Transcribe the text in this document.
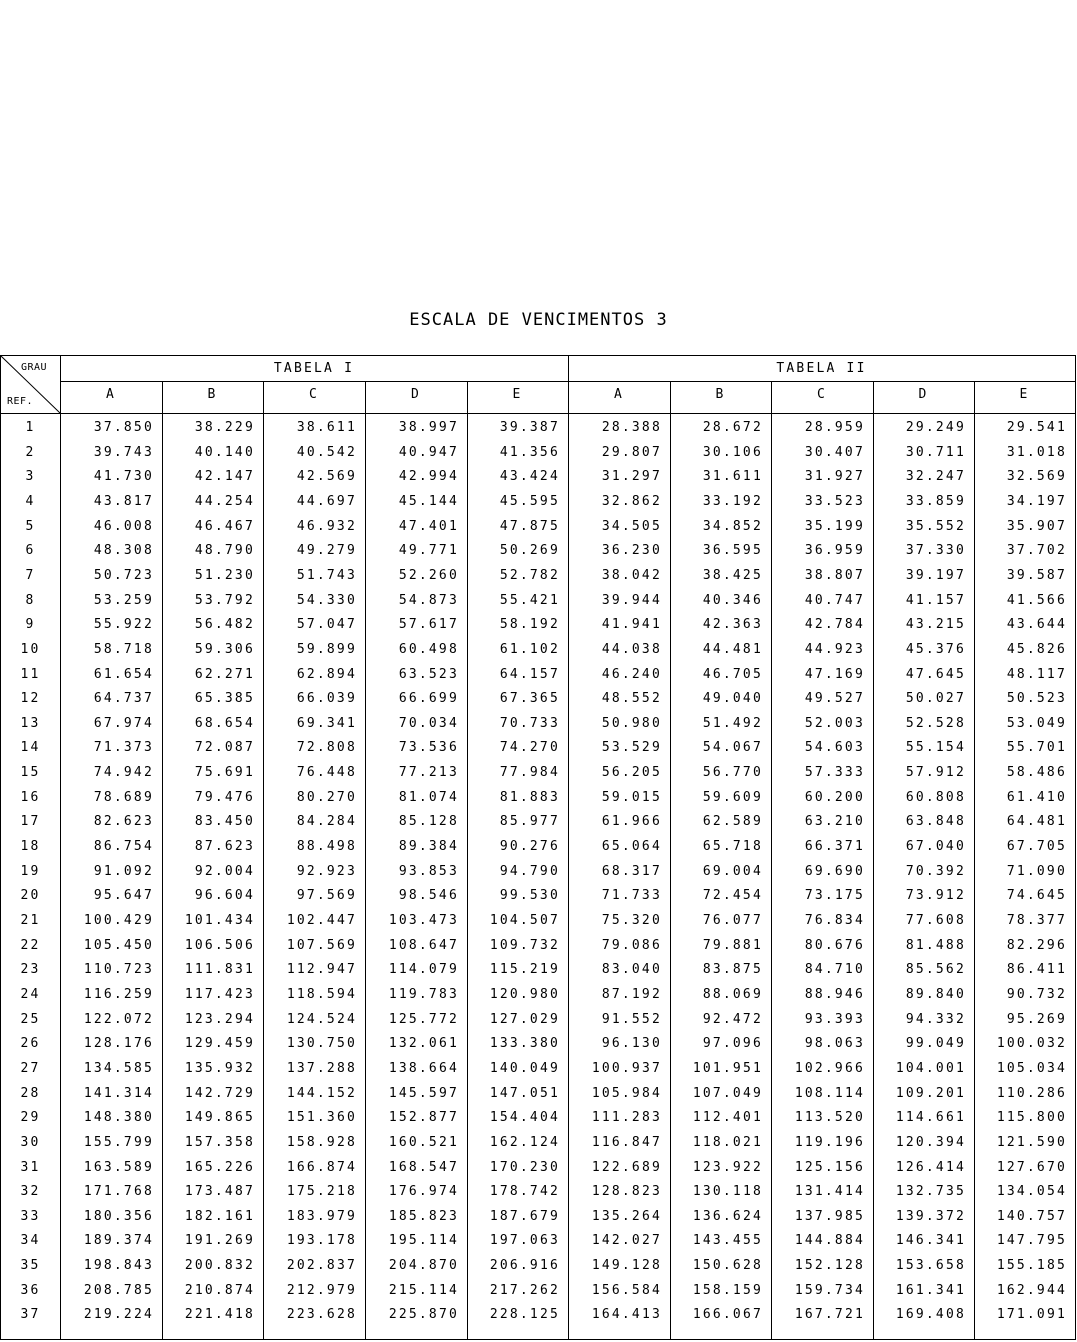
ESCALA DE VENCIMENTOS 3
GRAU
REF.
TABELA I
A	B	C	D	E
TABELA II
A	B	C	D	E
1	37.850	38.229	38.611	38.997	39.387	28.388	28.672	28.959	29.249	29.541
2	39.743	40.140	40.542	40.947	41.356	29.807	30.106	30.407	30.711	31.018
3	41.730	42.147	42.569	42.994	43.424	31.297	31.611	31.927	32.247	32.569
4	43.817	44.254	44.697	45.144	45.595	32.862	33.192	33.523	33.859	34.197
5	46.008	46.467	46.932	47.401	47.875	34.505	34.852	35.199	35.552	35.907
6	48.308	48.790	49.279	49.771	50.269	36.230	36.595	36.959	37.330	37.702
7	50.723	51.230	51.743	52.260	52.782	38.042	38.425	38.807	39.197	39.587
8	53.259	53.792	54.330	54.873	55.421	39.944	40.346	40.747	41.157	41.566
9	55.922	56.482	57.047	57.617	58.192	41.941	42.363	42.784	43.215	43.644
10	58.718	59.306	59.899	60.498	61.102	44.038	44.481	44.923	45.376	45.826
11	61.654	62.271	62.894	63.523	64.157	46.240	46.705	47.169	47.645	48.117
12	64.737	65.385	66.039	66.699	67.365	48.552	49.040	49.527	50.027	50.523
13	67.974	68.654	69.341	70.034	70.733	50.980	51.492	52.003	52.528	53.049
14	71.373	72.087	72.808	73.536	74.270	53.529	54.067	54.603	55.154	55.701
15	74.942	75.691	76.448	77.213	77.984	56.205	56.770	57.333	57.912	58.486
16	78.689	79.476	80.270	81.074	81.883	59.015	59.609	60.200	60.808	61.410
17	82.623	83.450	84.284	85.128	85.977	61.966	62.589	63.210	63.848	64.481
18	86.754	87.623	88.498	89.384	90.276	65.064	65.718	66.371	67.040	67.705
19	91.092	92.004	92.923	93.853	94.790	68.317	69.004	69.690	70.392	71.090
20	95.647	96.604	97.569	98.546	99.530	71.733	72.454	73.175	73.912	74.645
21	100.429	101.434	102.447	103.473	104.507	75.320	76.077	76.834	77.608	78.377
22	105.450	106.506	107.569	108.647	109.732	79.086	79.881	80.676	81.488	82.296
23	110.723	111.831	112.947	114.079	115.219	83.040	83.875	84.710	85.562	86.411
24	116.259	117.423	118.594	119.783	120.980	87.192	88.069	88.946	89.840	90.732
25	122.072	123.294	124.524	125.772	127.029	91.552	92.472	93.393	94.332	95.269
26	128.176	129.459	130.750	132.061	133.380	96.130	97.096	98.063	99.049	100.032
27	134.585	135.932	137.288	138.664	140.049	100.937	101.951	102.966	104.001	105.034
28	141.314	142.729	144.152	145.597	147.051	105.984	107.049	108.114	109.201	110.286
29	148.380	149.865	151.360	152.877	154.404	111.283	112.401	113.520	114.661	115.800
30	155.799	157.358	158.928	160.521	162.124	116.847	118.021	119.196	120.394	121.590
31	163.589	165.226	166.874	168.547	170.230	122.689	123.922	125.156	126.414	127.670
32	171.768	173.487	175.218	176.974	178.742	128.823	130.118	131.414	132.735	134.054
33	180.356	182.161	183.979	185.823	187.679	135.264	136.624	137.985	139.372	140.757
34	189.374	191.269	193.178	195.114	197.063	142.027	143.455	144.884	146.341	147.795
35	198.843	200.832	202.837	204.870	206.916	149.128	150.628	152.128	153.658	155.185
36	208.785	210.874	212.979	215.114	217.262	156.584	158.159	159.734	161.341	162.944
37	219.224	221.418	223.628	225.870	228.125	164.413	166.067	167.721	169.408	171.091
